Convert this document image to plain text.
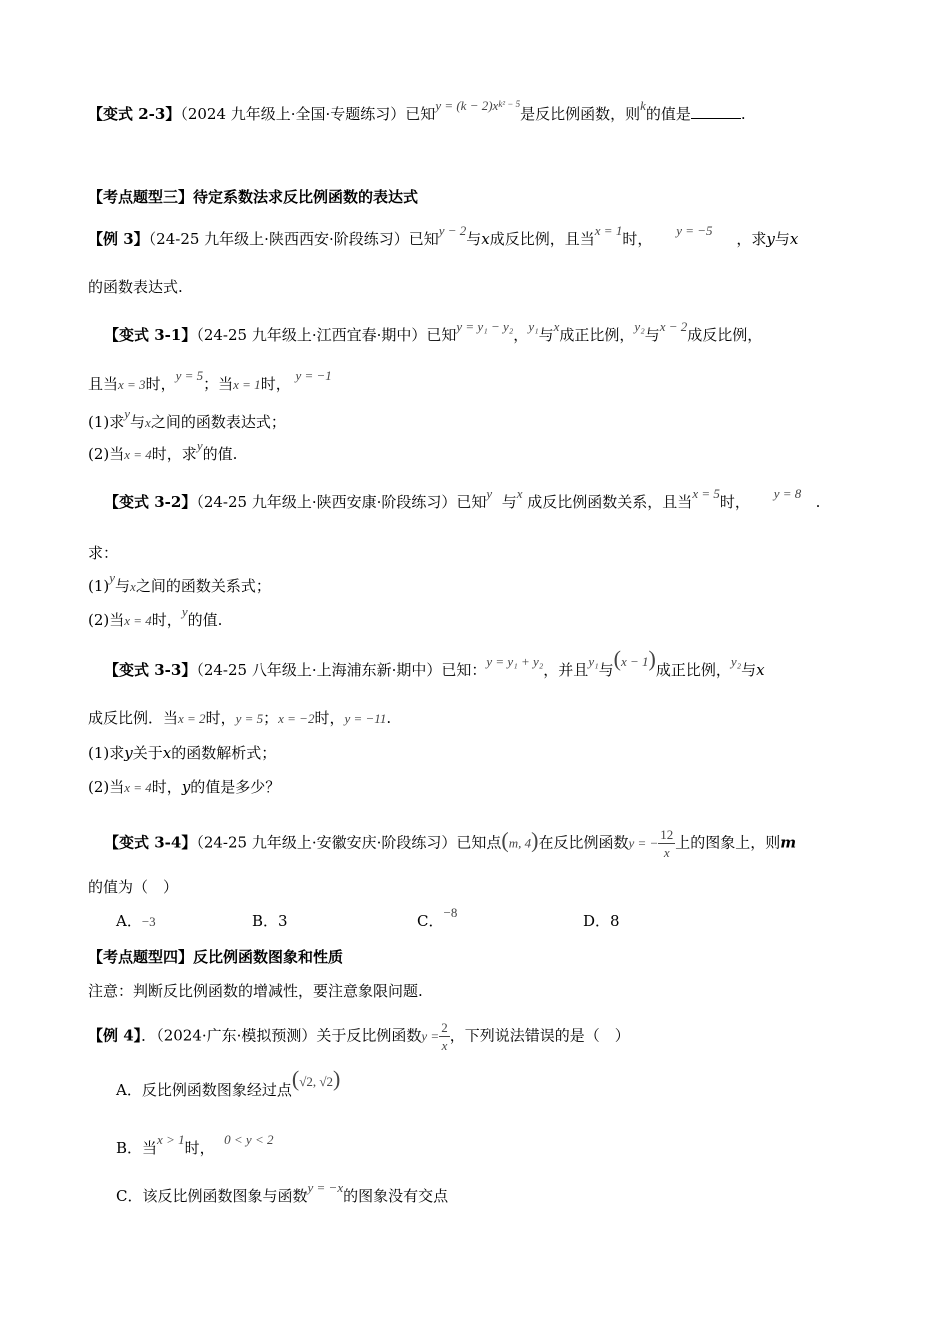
【变式 2-3】（2024 九年级上·全国·专题练习）已知$y = (k - 2)x^{k^2 - 5}$是反比例函数，则k的值是	.
【考点题型三】待定系数法求反比例函数的表达式
【例 3】（24-25 九年级上·陕西西安·阶段练习）已知y − 2与x成反比例，且当x = 1时， y = −5 ，求y与x
的函数表达式.
【变式 3-1】（24-25 九年级上·江西宜春·期中）已知y = y₁ − y₂，y₁与x成正比例，y₂与x − 2成反比例，
且当x = 3时，y = 5；当x = 1时， y = −1
(1)求y与x之间的函数表达式；
(2)当x = 4时，求y的值.
【变式 3-2】（24-25 九年级上·陕西安康·阶段练习）已知y 与x 成反比例函数关系，且当x = 5时， y = 8 .
求：
(1)y与x之间的函数关系式；
(2)当x = 4时，y的值.
【变式 3-3】（24-25 八年级上·上海浦东新·期中）已知：y = y₁ + y₂，并且y₁与(x − 1)成正比例，y₂与x
成反比例．当x = 2时，y = 5；x = −2时，y = −11.
(1)求y关于x的函数解析式；
(2)当x = 4时，y的值是多少？
【变式 3-4】（24-25 九年级上·安徽安庆·阶段练习）已知点(m, 4)在反比例函数y = − $\frac{12}{x}$ 上的图象上，则m
的值为（　）
A．−3	B．3	C．−8	D．8
【考点题型四】反比例函数图象和性质
注意：判断反比例函数的增减性，要注意象限问题.
【例 4】．（2024·广东·模拟预测）关于反比例函数$y = \frac{2}{x}$ ，下列说法错误的是（　）
A．反比例函数图象经过点(√2, √2)
B．当x > 1时， 0 < y < 2
C．该反比例函数图象与函数y = −x的图象没有交点
